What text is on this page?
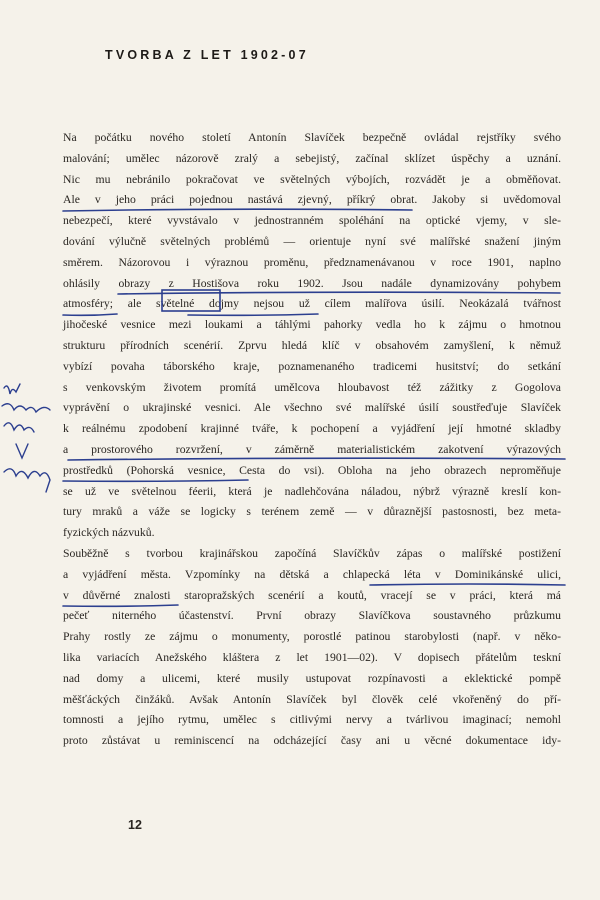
TVORBA Z LET 1902-07
Na počátku nového století Antonín Slavíček bezpečně ovládal rejstříky svého
malování; umělec názorově zralý a sebejistý, začínal sklízet úspěchy a uznání.
Nic mu nebránilo pokračovat ve světelných výbojích, rozvádět je a obměňovat.
Ale v jeho práci pojednou nastává zjevný, příkrý obrat. Jakoby si uvědomoval
nebezpečí, které vyvstávalo v jednostranném spoléhání na optické vjemy, v sle-
dování výlučně světelných problémů — orientuje nyní své malířské snažení jiným
směrem. Názorovou i výraznou proměnu, předznamenávanou v roce 1901, naplno
ohlásily obrazy z Hostišova roku 1902. Jsou nadále dynamizovány pohybem
atmosféry; ale světelné dojmy nejsou už cílem malířova úsilí. Neokázalá tvářnost
jihočeské vesnice mezi loukami a táhlými pahorky vedla ho k zájmu o hmotnou
strukturu přírodních scenérií. Zprvu hledá klíč v obsahovém zamyšlení, k němuž
vybízí povaha táborského kraje, poznamenaného tradicemi husitství; do setkání
s venkovským životem promítá umělcova hloubavost též zážitky z Gogolova
vyprávění o ukrajinské vesnici. Ale všechno své malířské úsilí soustřeďuje Slavíček
k reálnému zpodobení krajinné tváře, k pochopení a vyjádření její hmotné skladby
a prostorového rozvržení, v záměrně materialistickém zakotvení výrazových
prostředků (Pohorská vesnice, Cesta do vsi). Obloha na jeho obrazech neproměňuje
se už ve světelnou féerii, která je nadlehčována náladou, nýbrž výrazně kreslí kon-
tury mraků a váže se logicky s terénem země — v důraznější pastosnosti, bez meta-
fyzických názvuků.
Souběžně s tvorbou krajinářskou započíná Slavíčkův zápas o malířské postižení
a vyjádření města. Vzpomínky na dětská a chlapecká léta v Dominikánské ulici,
v důvěrné znalosti staropražských scenérií a koutů, vracejí se v práci, která má
pečeť niterného účastenství. První obrazy Slavíčkova soustavného průzkumu
Prahy rostly ze zájmu o monumenty, porostlé patinou starobylosti (např. v něko-
lika variacích Anežského kláštera z let 1901—02). V dopisech přátelům teskní
nad domy a ulicemi, které musily ustupovat rozpínavosti a eklektické pompě
měšťáckých činžáků. Avšak Antonín Slavíček byl člověk celé vkořeněný do pří-
tomnosti a jejího rytmu, umělec s citlivými nervy a tvárlivou imaginací; nemohl
proto zůstávat u reminiscencí na odcházející časy ani u věcné dokumentace idy-
12
